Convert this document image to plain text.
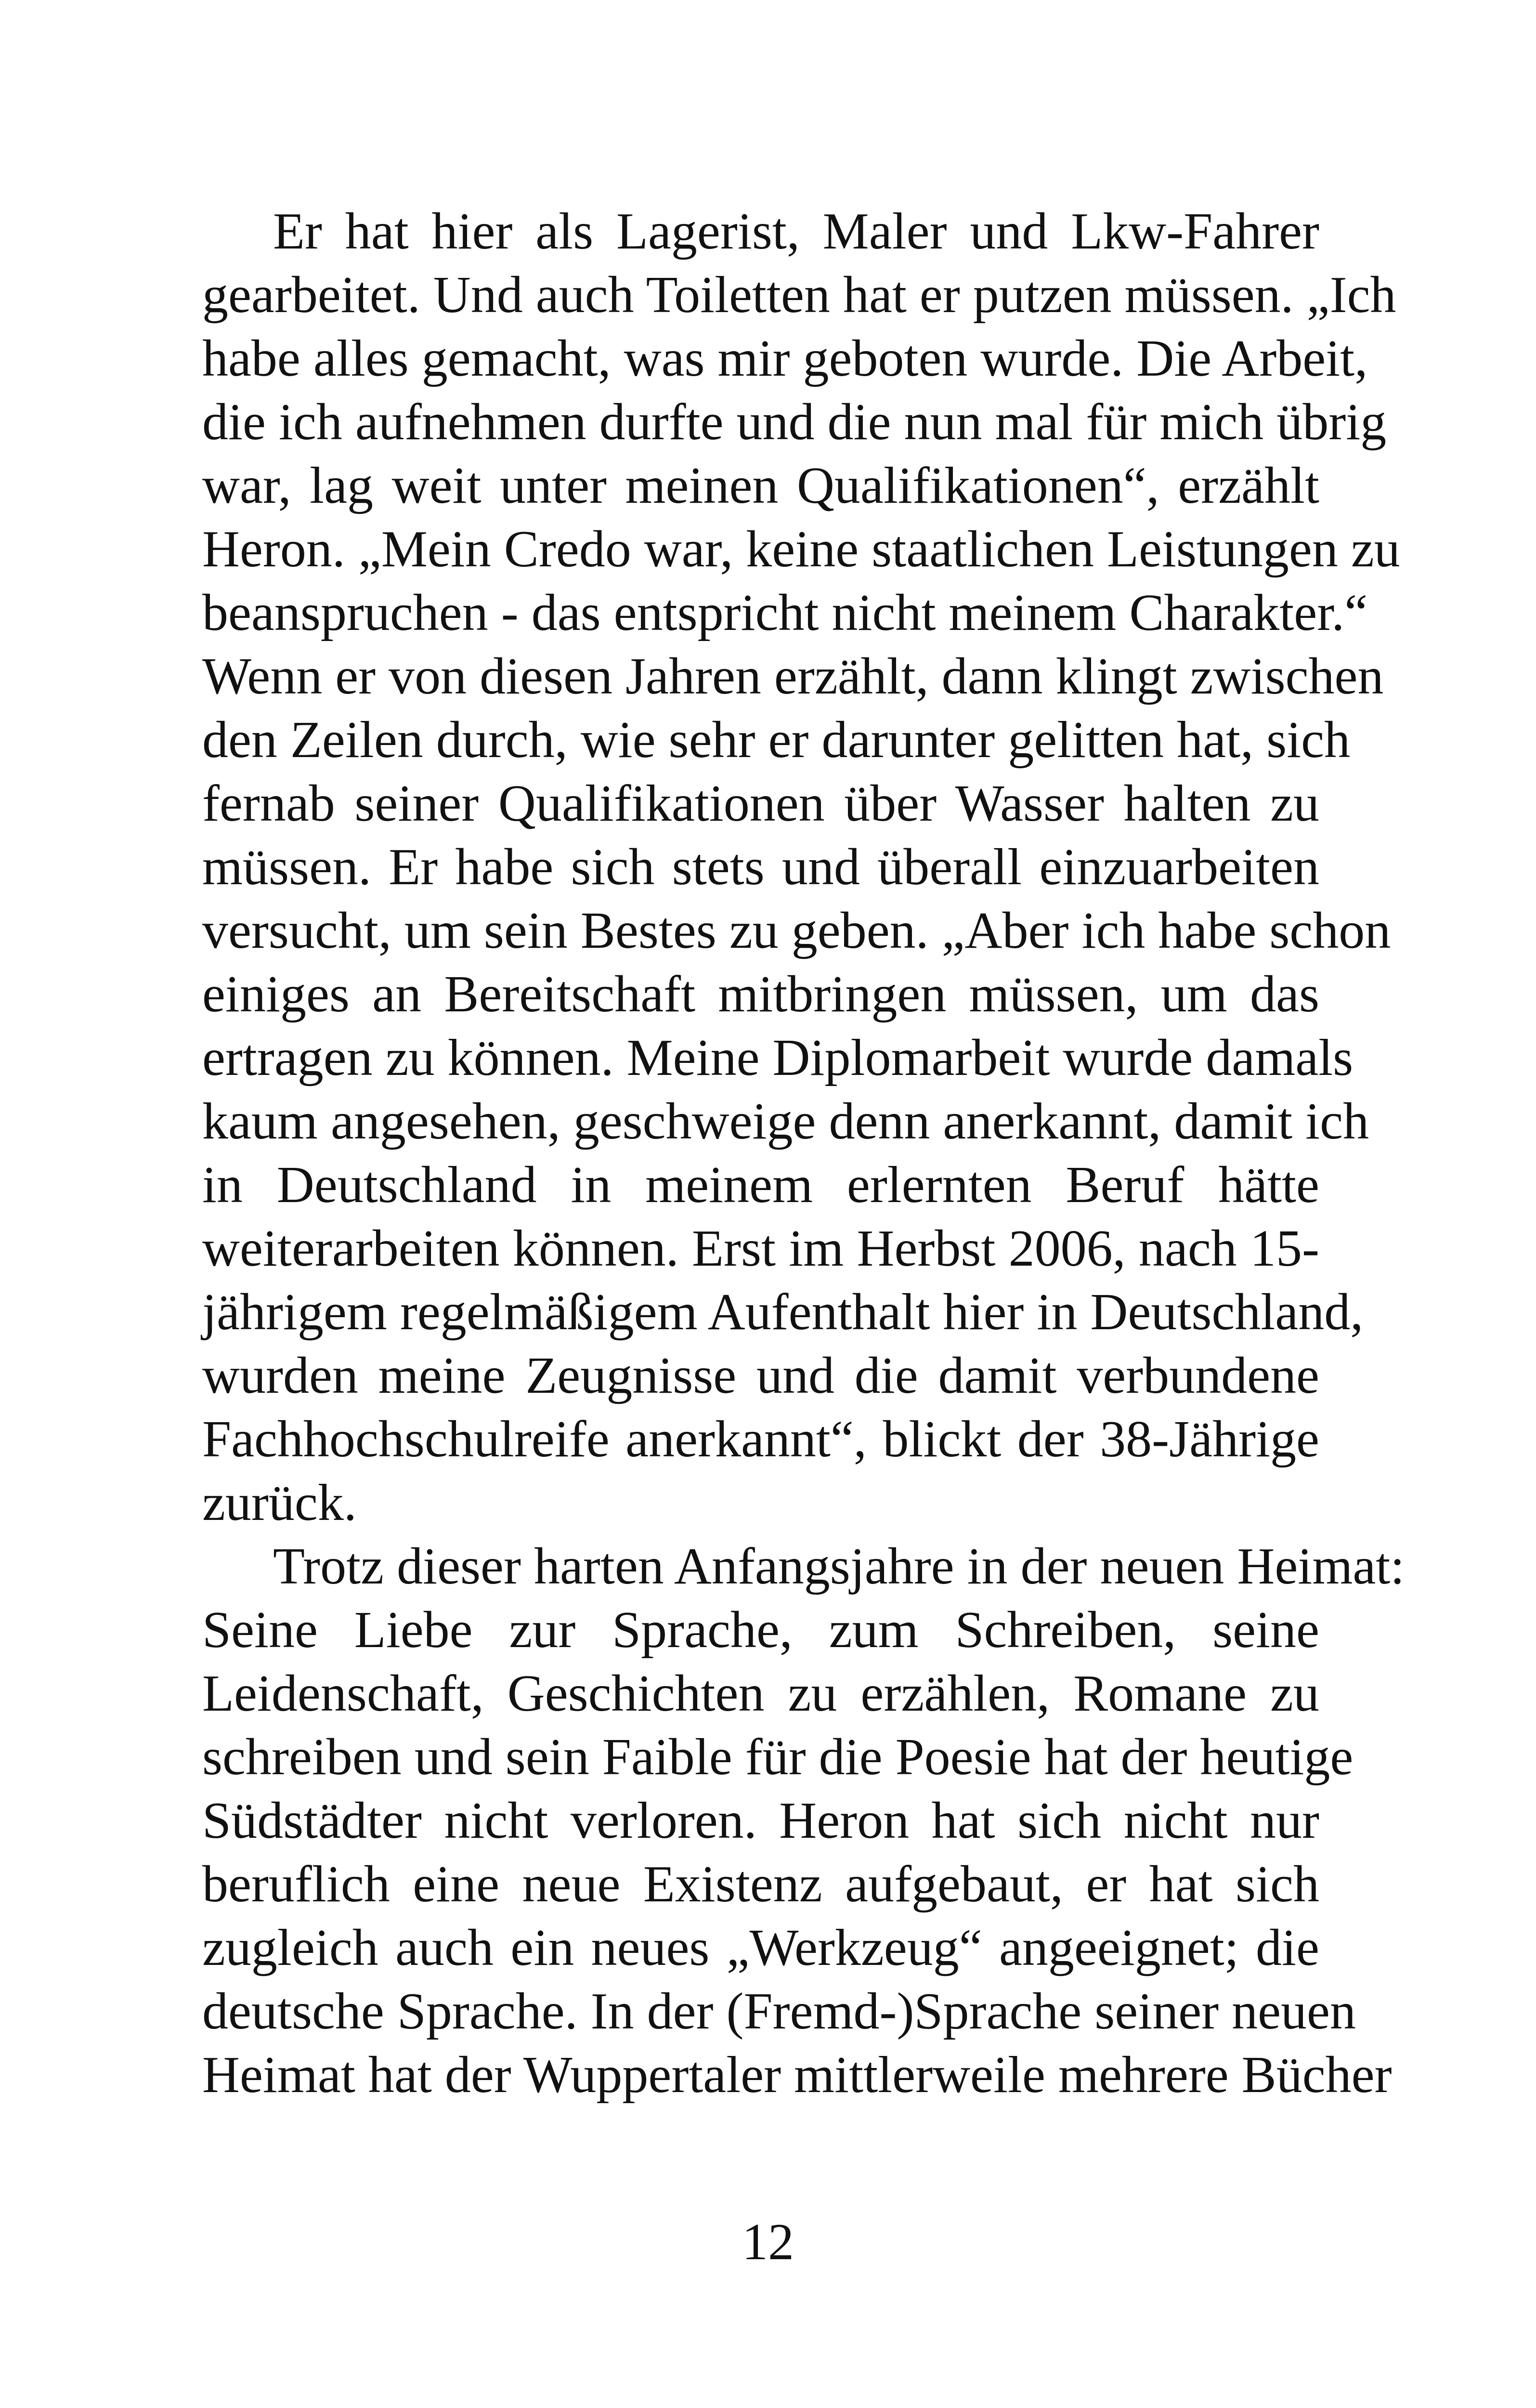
Er hat hier als Lagerist, Maler und Lkw-Fahrer
gearbeitet. Und auch Toiletten hat er putzen müssen. „Ich
habe alles gemacht, was mir geboten wurde. Die Arbeit,
die ich aufnehmen durfte und die nun mal für mich übrig
war, lag weit unter meinen Qualifikationen“, erzählt
Heron. „Mein Credo war, keine staatlichen Leistungen zu
beanspruchen - das entspricht nicht meinem Charakter.“
Wenn er von diesen Jahren erzählt, dann klingt zwischen
den Zeilen durch, wie sehr er darunter gelitten hat, sich
fernab seiner Qualifikationen über Wasser halten zu
müssen. Er habe sich stets und überall einzuarbeiten
versucht, um sein Bestes zu geben. „Aber ich habe schon
einiges an Bereitschaft mitbringen müssen, um das
ertragen zu können. Meine Diplomarbeit wurde damals
kaum angesehen, geschweige denn anerkannt, damit ich
in Deutschland in meinem erlernten Beruf hätte
weiterarbeiten können. Erst im Herbst 2006, nach 15-
jährigem regelmäßigem Aufenthalt hier in Deutschland,
wurden meine Zeugnisse und die damit verbundene
Fachhochschulreife anerkannt“, blickt der 38-Jährige
zurück.
Trotz dieser harten Anfangsjahre in der neuen Heimat:
Seine Liebe zur Sprache, zum Schreiben, seine
Leidenschaft, Geschichten zu erzählen, Romane zu
schreiben und sein Faible für die Poesie hat der heutige
Südstädter nicht verloren. Heron hat sich nicht nur
beruflich eine neue Existenz aufgebaut, er hat sich
zugleich auch ein neues „Werkzeug“ angeeignet; die
deutsche Sprache. In der (Fremd-)Sprache seiner neuen
Heimat hat der Wuppertaler mittlerweile mehrere Bücher
12
